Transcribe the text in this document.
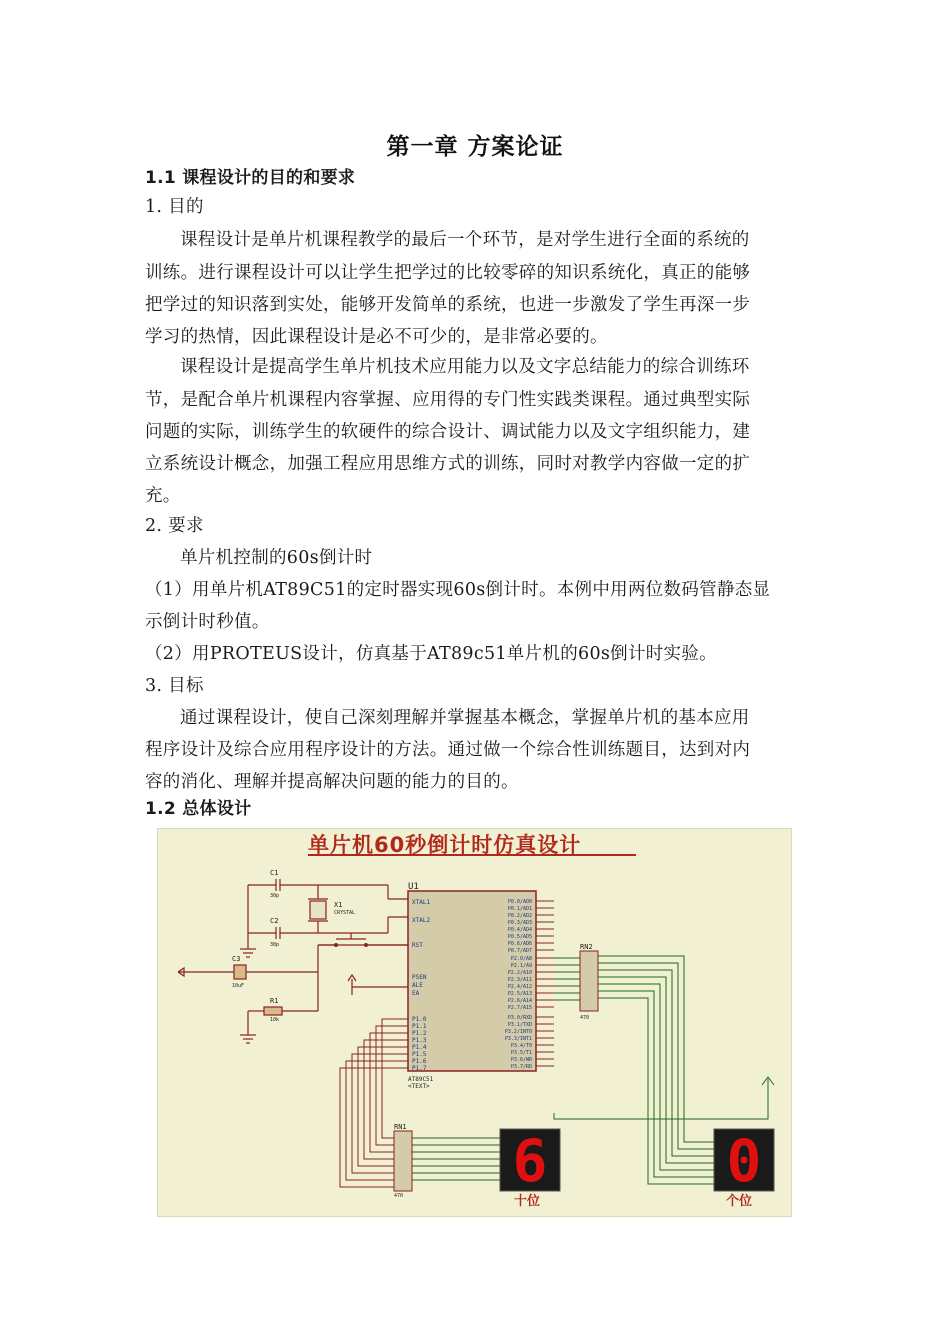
第一章 方案论证
1.1 课程设计的目的和要求
1. 目的
课程设计是单片机课程教学的最后一个环节，是对学生进行全面的系统的
训练。进行课程设计可以让学生把学过的比较零碎的知识系统化，真正的能够
把学过的知识落到实处，能够开发简单的系统，也进一步激发了学生再深一步
学习的热情，因此课程设计是必不可少的，是非常必要的。
课程设计是提高学生单片机技术应用能力以及文字总结能力的综合训练环
节，是配合单片机课程内容掌握、应用得的专门性实践类课程。通过典型实际
问题的实际，训练学生的软硬件的综合设计、调试能力以及文字组织能力，建
立系统设计概念，加强工程应用思维方式的训练，同时对教学内容做一定的扩
充。
2. 要求
单片机控制的60s倒计时
（1）用单片机AT89C51的定时器实现60s倒计时。本例中用两位数码管静态显
示倒计时秒值。
（2）用PROTEUS设计，仿真基于AT89c51单片机的60s倒计时实验。
3. 目标
通过课程设计，使自己深刻理解并掌握基本概念，掌握单片机的基本应用
程序设计及综合应用程序设计的方法。通过做一个综合性训练题目，达到对内
容的消化、理解并提高解决问题的能力的目的。
1.2 总体设计
单片机60秒倒计时仿真设计
U1
AT89C51
<TEXT>
XTAL1
XTAL2
RST
PSEN
ALE
EA
P1.0
P1.1
P1.2
P1.3
P1.4
P1.5
P1.6
P1.7
P0.0/AD0
P0.1/AD1
P0.2/AD2
P0.3/AD3
P0.4/AD4
P0.5/AD5
P0.6/AD6
P0.7/AD7
P2.0/A8
P2.1/A9
P2.2/A10
P2.3/A11
P2.4/A12
P2.5/A13
P2.6/A14
P2.7/A15
P3.0/RXD
P3.1/TXD
P3.2/INT0
P3.3/INT1
P3.4/T0
P3.5/T1
P3.6/WR
P3.7/RD
C1
30p
C2
30p
X1
CRYSTAL
C3
10uF
R1
10k
RN2
470
RN1
470
6
十位
0
个位
